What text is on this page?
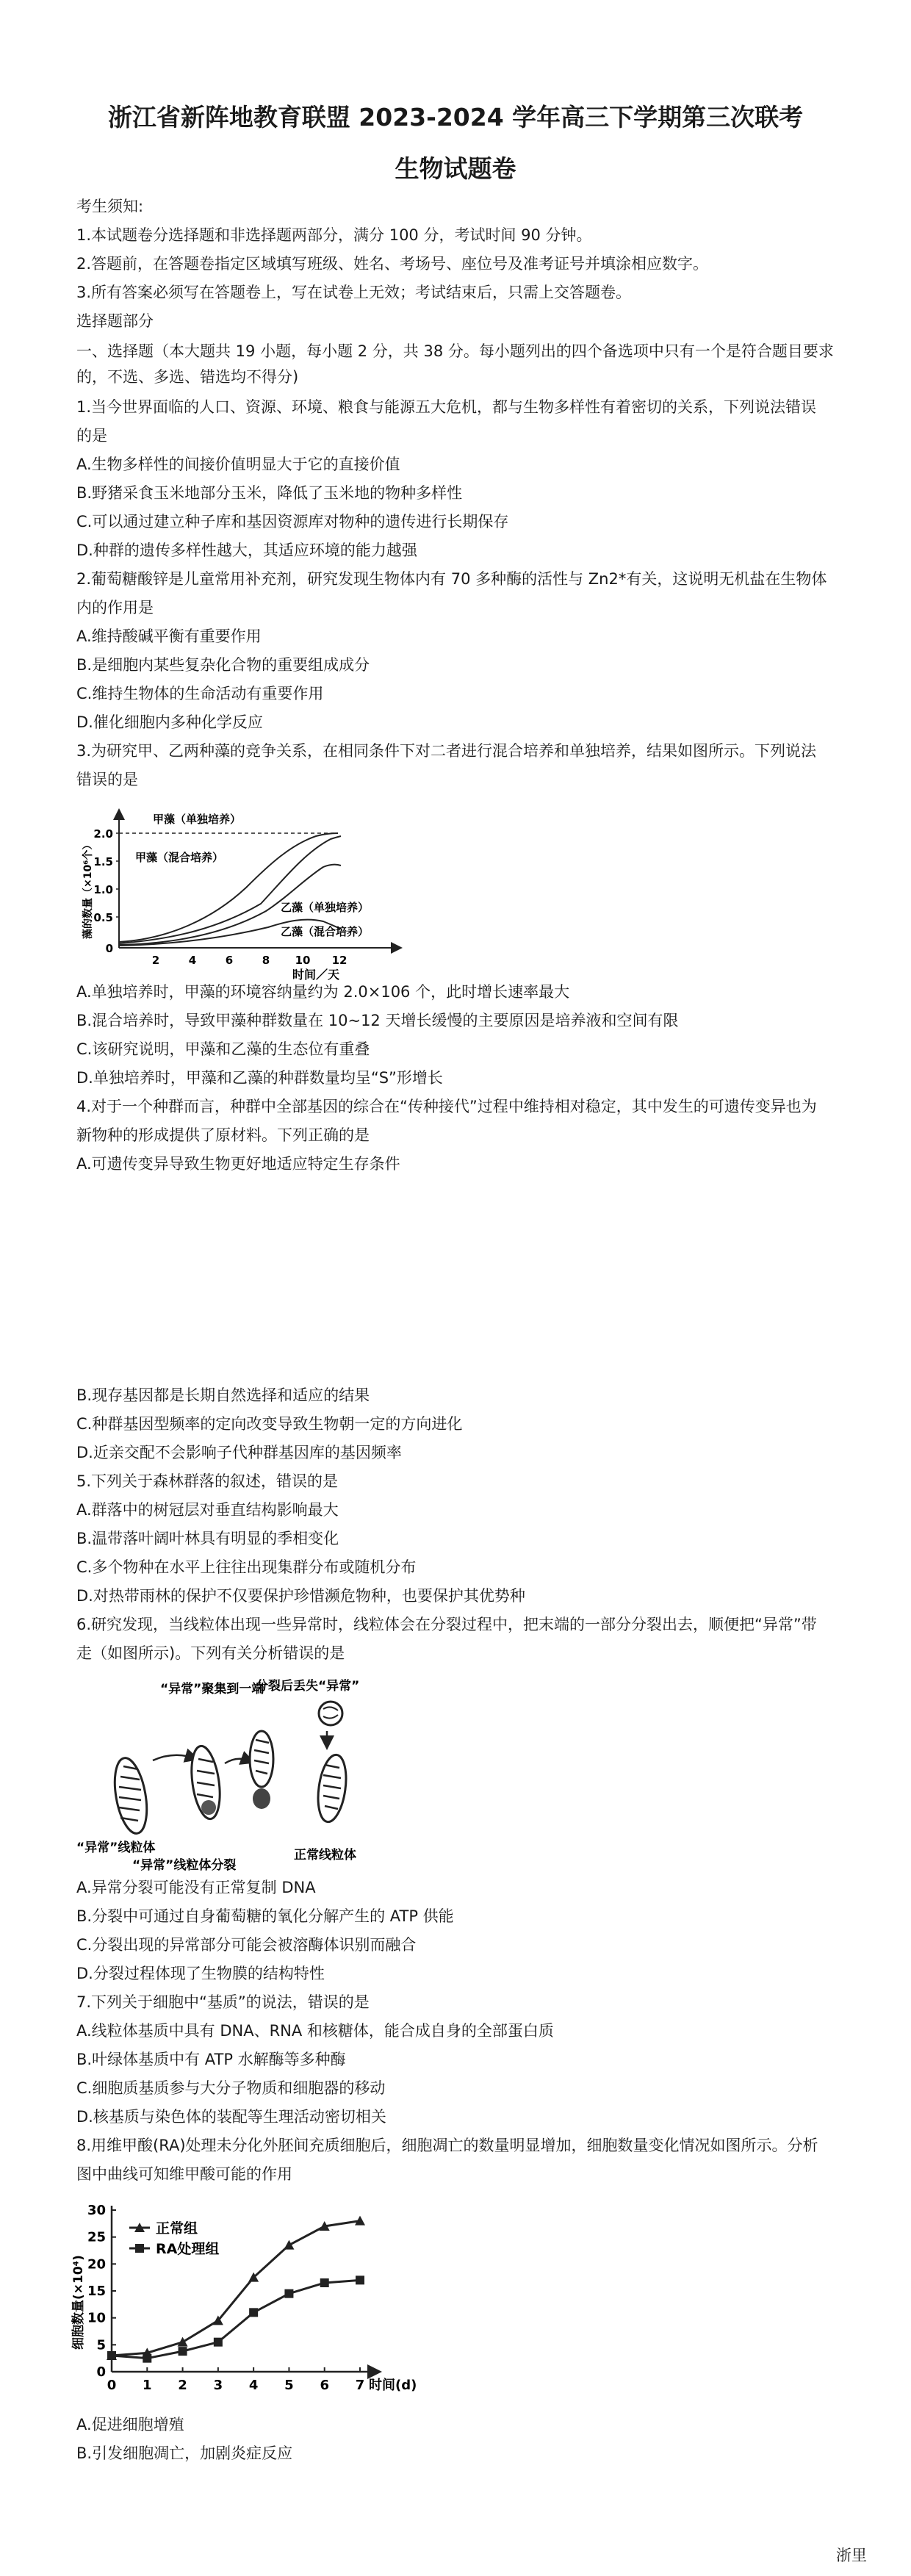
浙江省新阵地教育联盟 2023-2024 学年高三下学期第三次联考
生物试题卷

考生须知:

1.本试题卷分选择题和非选择题两部分，满分 100 分，考试时间 90 分钟。

2.答题前，在答题卷指定区域填写班级、姓名、考场号、座位号及准考证号并填涂相应数字。

3.所有答案必须写在答题卷上，写在试卷上无效；考试结束后，只需上交答题卷。

选择题部分

一、选择题（本大题共 19 小题，每小题 2 分，共 38 分。每小题列出的四个备选项中只有一个是符合题目要求的，不选、多选、错选均不得分)

1.当今世界面临的人口、资源、环境、粮食与能源五大危机，都与生物多样性有着密切的关系，下列说法错误

的是

A.生物多样性的间接价值明显大于它的直接价值

B.野猪采食玉米地部分玉米，降低了玉米地的物种多样性

C.可以通过建立种子库和基因资源库对物种的遗传进行长期保存

D.种群的遗传多样性越大，其适应环境的能力越强

2.葡萄糖酸锌是儿童常用补充剂，研究发现生物体内有 70 多种酶的活性与 Zn2*有关，这说明无机盐在生物体

内的作用是

A.维持酸碱平衡有重要作用

B.是细胞内某些复杂化合物的重要组成成分

C.维持生物体的生命活动有重要作用

D.催化细胞内多种化学反应

3.为研究甲、乙两种藻的竞争关系，在相同条件下对二者进行混合培养和单独培养，结果如图所示。下列说法

错误的是

2.0
1.5
1.0
0.5
0
2	4	6	8 10 12
时间／天
藻的数量（×10⁶个）
甲藻（单独培养）
甲藻（混合培养）
乙藻（单独培养）
乙藻（混合培养）

A.单独培养时，甲藻的环境容纳量约为 2.0×106 个，此时增长速率最大

B.混合培养时，导致甲藻种群数量在 10~12 天增长缓慢的主要原因是培养液和空间有限

C.该研究说明，甲藻和乙藻的生态位有重叠

D.单独培养时，甲藻和乙藻的种群数量均呈“S”形增长

4.对于一个种群而言，种群中全部基因的综合在“传种接代”过程中维持相对稳定，其中发生的可遗传变异也为

新物种的形成提供了原材料。下列正确的是

A.可遗传变异导致生物更好地适应特定生存条件

B.现存基因都是长期自然选择和适应的结果

C.种群基因型频率的定向改变导致生物朝一定的方向进化

D.近亲交配不会影响子代种群基因库的基因频率

5.下列关于森林群落的叙述，错误的是

A.群落中的树冠层对垂直结构影响最大

B.温带落叶阔叶林具有明显的季相变化

C.多个物种在水平上往往出现集群分布或随机分布

D.对热带雨林的保护不仅要保护珍惜濒危物种，也要保护其优势种

6.研究发现，当线粒体出现一些异常时，线粒体会在分裂过程中，把末端的一部分分裂出去，顺便把“异常”带

走（如图所示)。下列有关分析错误的是

“异常”聚集到一端
分裂后丢失“异常”
“异常”线粒体
“异常”线粒体分裂
正常线粒体

A.异常分裂可能没有正常复制 DNA

B.分裂中可通过自身葡萄糖的氧化分解产生的 ATP 供能

C.分裂出现的异常部分可能会被溶酶体识别而融合

D.分裂过程体现了生物膜的结构特性

7.下列关于细胞中“基质”的说法，错误的是

A.线粒体基质中具有 DNA、RNA 和核糖体，能合成自身的全部蛋白质

B.叶绿体基质中有 ATP 水解酶等多种酶

C.细胞质基质参与大分子物质和细胞器的移动

D.核基质与染色体的装配等生理活动密切相关

8.用维甲酸(RA)处理未分化外胚间充质细胞后，细胞凋亡的数量明显增加，细胞数量变化情况如图所示。分析

图中曲线可知维甲酸可能的作用

0
5
10
15
20
25
30
0 1 2 3 4 5 6 7 时间(d)
细胞数量(×10⁴)
正常组
RA处理组

A.促进细胞增殖

B.引发细胞凋亡，加剧炎症反应

浙里
